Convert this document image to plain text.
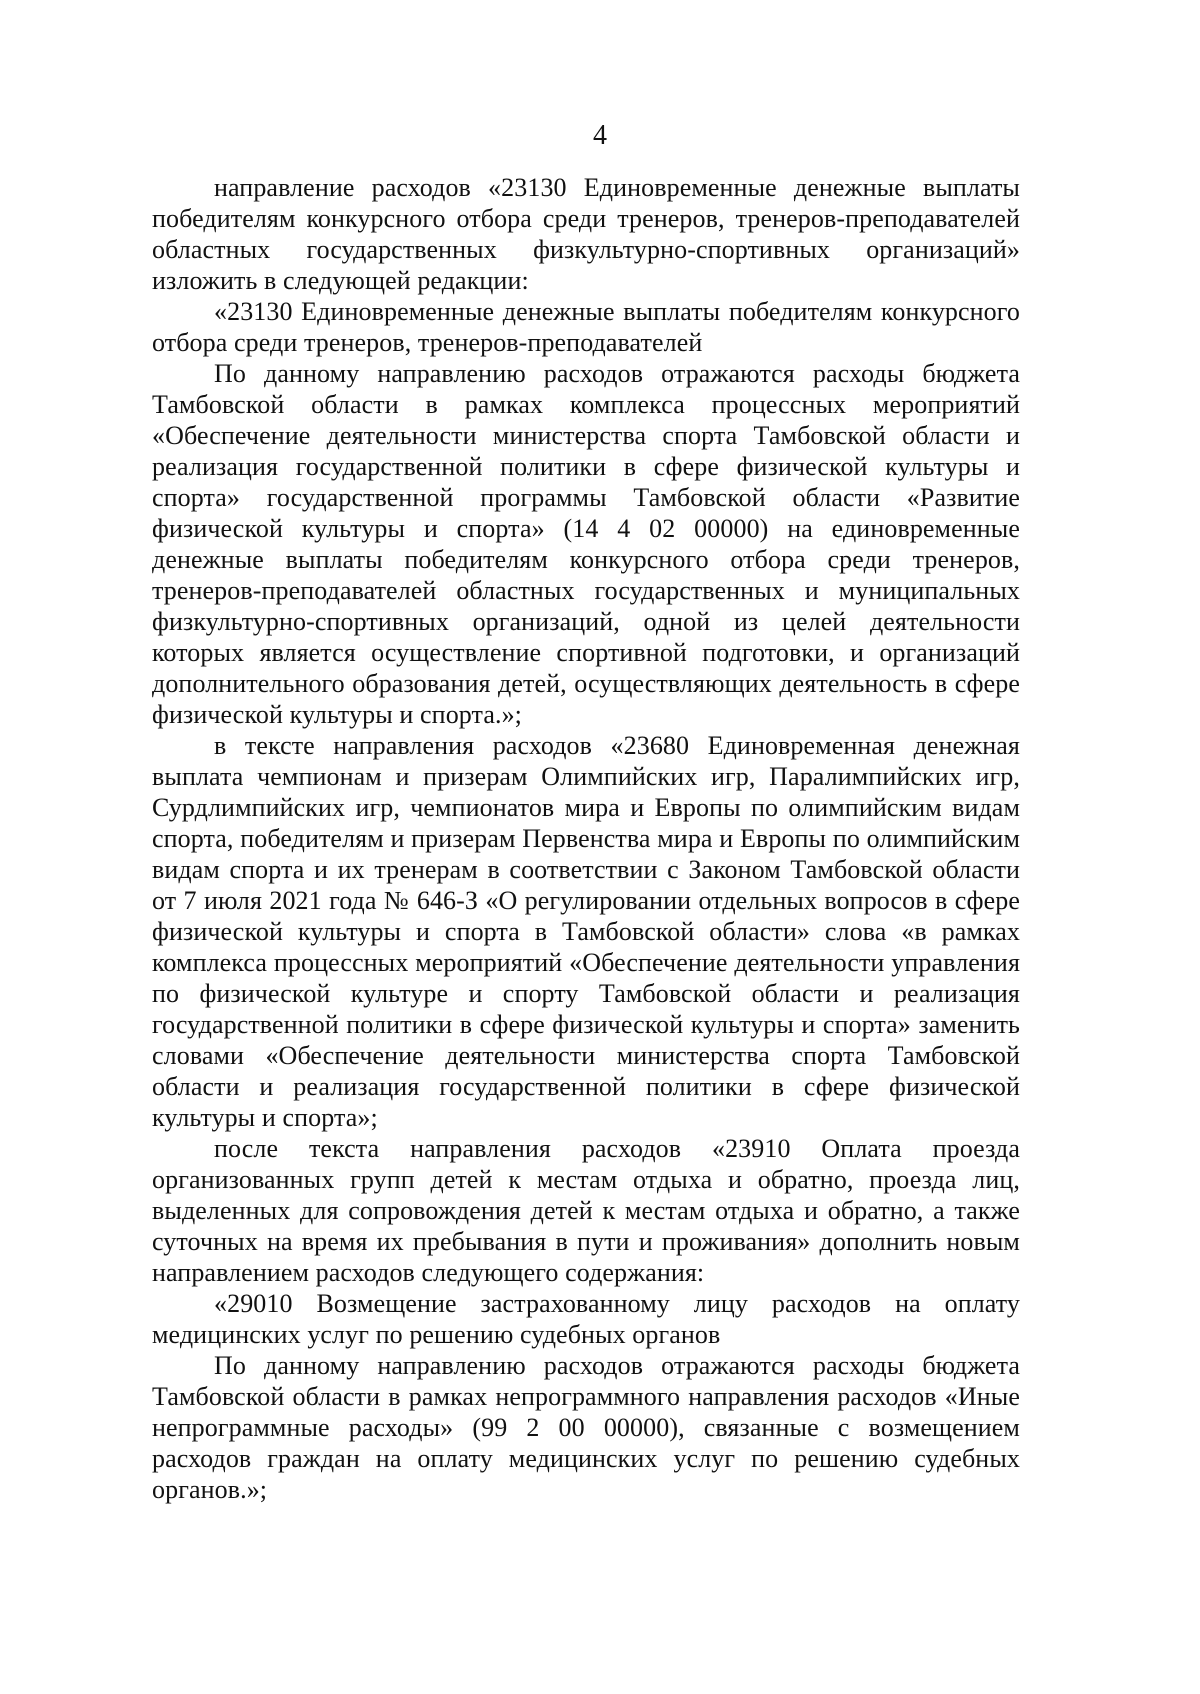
4

направление расходов «23130 Единовременные денежные выплаты победителям конкурсного отбора среди тренеров, тренеров-преподавателей областных государственных физкультурно-спортивных организаций» изложить в следующей редакции:

«23130 Единовременные денежные выплаты победителям конкурсного отбора среди тренеров, тренеров-преподавателей

По данному направлению расходов отражаются расходы бюджета Тамбовской области в рамках комплекса процессных мероприятий «Обеспечение деятельности министерства спорта Тамбовской области и реализация государственной политики в сфере физической культуры и спорта» государственной программы Тамбовской области «Развитие физической культуры и спорта» (14 4 02 00000) на единовременные денежные выплаты победителям конкурсного отбора среди тренеров, тренеров-преподавателей областных государственных и муниципальных физкультурно-спортивных организаций, одной из целей деятельности которых является осуществление спортивной подготовки, и организаций дополнительного образования детей, осуществляющих деятельность в сфере физической культуры и спорта.»;

в тексте направления расходов «23680 Единовременная денежная выплата чемпионам и призерам Олимпийских игр, Паралимпийских игр, Сурдлимпийских игр, чемпионатов мира и Европы по олимпийским видам спорта, победителям и призерам Первенства мира и Европы по олимпийским видам спорта и их тренерам в соответствии с Законом Тамбовской области от 7 июля 2021 года № 646-З «О регулировании отдельных вопросов в сфере физической культуры и спорта в Тамбовской области» слова «в рамках комплекса процессных мероприятий «Обеспечение деятельности управления по физической культуре и спорту Тамбовской области и реализация государственной политики в сфере физической культуры и спорта» заменить словами «Обеспечение деятельности министерства спорта Тамбовской области и реализация государственной политики в сфере физической культуры и спорта»;

после текста направления расходов «23910 Оплата проезда организованных групп детей к местам отдыха и обратно, проезда лиц, выделенных для сопровождения детей к местам отдыха и обратно, а также суточных на время их пребывания в пути и проживания» дополнить новым направлением расходов следующего содержания:

«29010 Возмещение застрахованному лицу расходов на оплату медицинских услуг по решению судебных органов

По данному направлению расходов отражаются расходы бюджета Тамбовской области в рамках непрограммного направления расходов «Иные непрограммные расходы» (99 2 00 00000), связанные с возмещением расходов граждан на оплату медицинских услуг по решению судебных органов.»;
